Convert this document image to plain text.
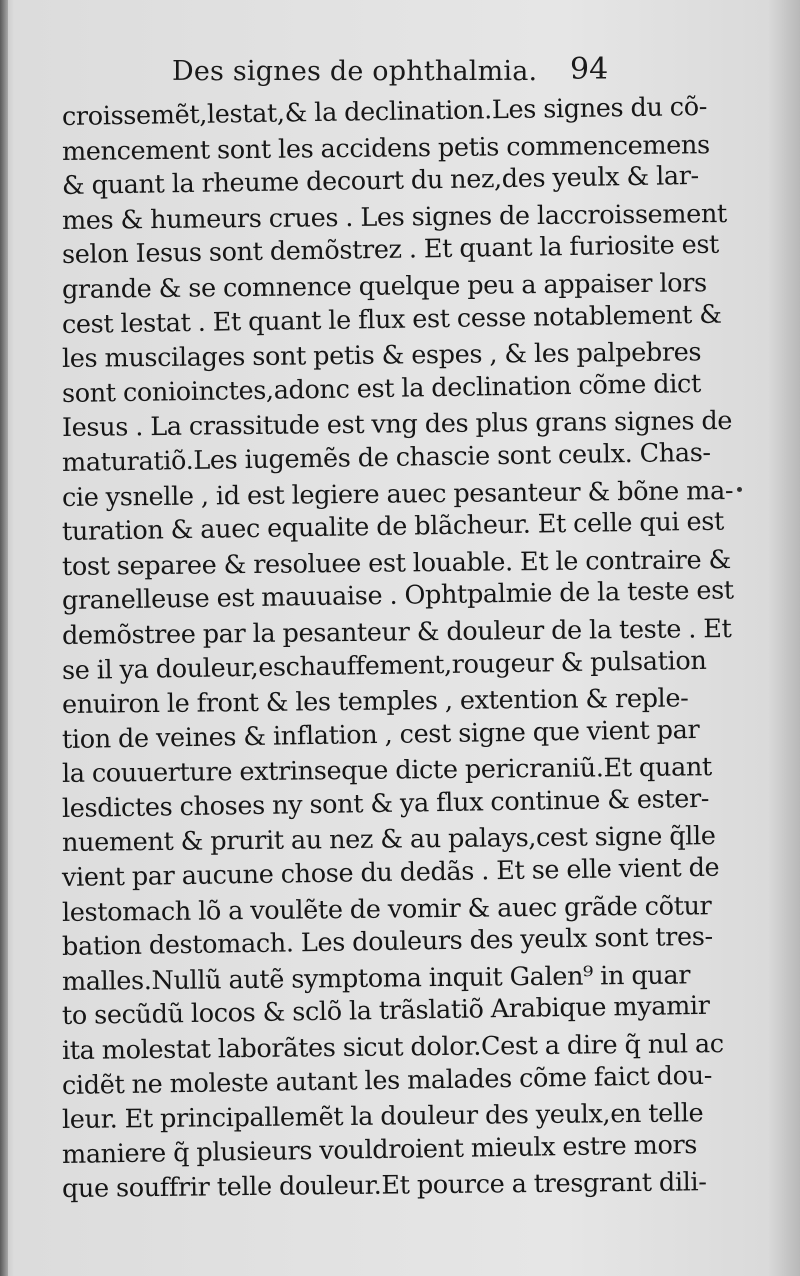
Des signes de ophthalmia. 94
croissemẽt,lestat,& la declination.Les signes du cõ-
mencement sont les accidens petis commencemens
& quant la rheume decourt du nez,des yeulx & lar-
mes & humeurs crues . Les signes de laccroissement
selon Iesus sont demõstrez . Et quant la furiosite est
grande & se comnence quelque peu a appaiser lors
cest lestat . Et quant le flux est cesse notablement &
les muscilages sont petis & espes , & les palpebres
sont conioinctes,adonc est la declination cõme dict
Iesus . La crassitude est vng des plus grans signes de
maturatiõ.Les iugemẽs de chascie sont ceulx. Chas-
cie ysnelle , id est legiere auec pesanteur & bõne ma-
turation & auec equalite de blãcheur. Et celle qui est
tost separee & resoluee est louable. Et le contraire &
granelleuse est mauuaise . Ophtpalmie de la teste est
demõstree par la pesanteur & douleur de la teste . Et
se il ya douleur,eschauffement,rougeur & pulsation
enuiron le front & les temples , extention & reple-
tion de veines & inflation , cest signe que vient par
la couuerture extrinseque dicte pericraniũ.Et quant
lesdictes choses ny sont & ya flux continue & ester-
nuement & prurit au nez & au palays,cest signe q̃lle
vient par aucune chose du dedãs . Et se elle vient de
lestomach lõ a voulẽte de vomir & auec grãde cõtur
bation destomach. Les douleurs des yeulx sont tres-
malles.Nullũ autẽ symptoma inquit Galen⁹ in quar
to secũdũ locos & sclõ la trãslatiõ Arabique myamir
ita molestat laborãtes sicut dolor.Cest a dire q̃ nul ac
cidẽt ne moleste autant les malades cõme faict dou-
leur. Et principallemẽt la douleur des yeulx,en telle
maniere q̃ plusieurs vouldroient mieulx estre mors
que souffrir telle douleur.Et pource a tresgrant dili-
